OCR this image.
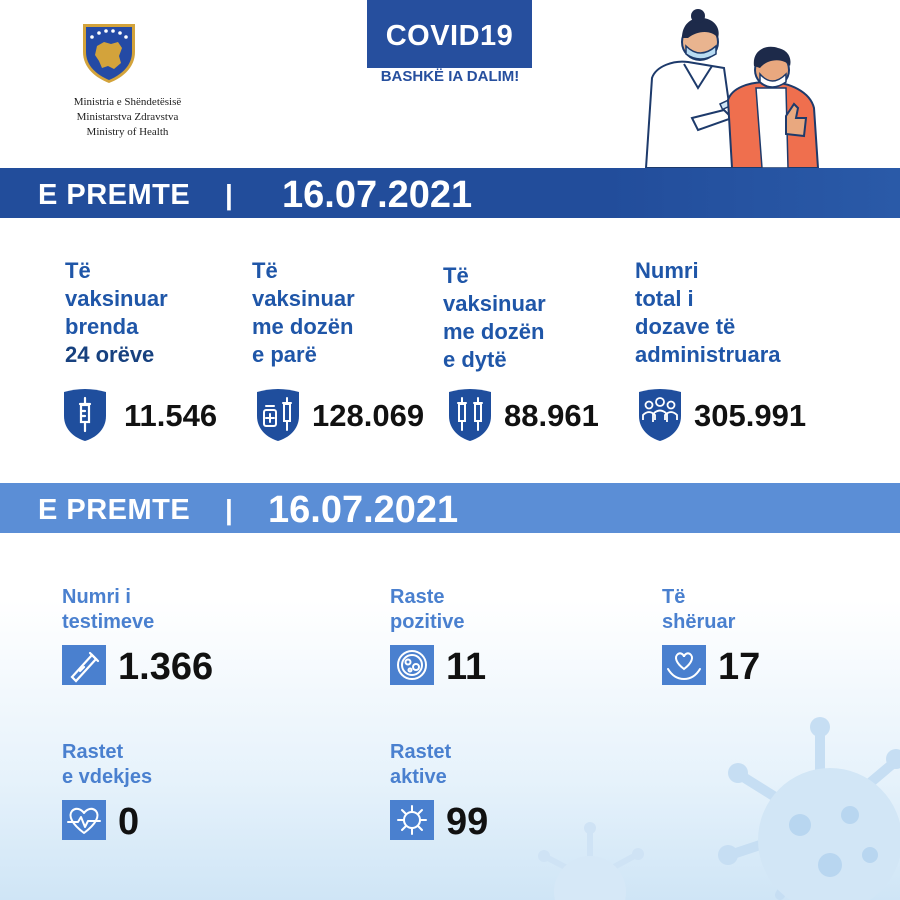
Ministria e Shëndetësisë
Ministarstva Zdravstva
Ministry of Health
COVID19
BASHKË IA DALIM!
E PREMTE | 16.07.2021
Të
vaksinuar
brenda
24 orëve
11.546
Të
vaksinuar
me dozën
e parë
128.069
Të
vaksinuar
me dozën
e dytë
88.961
Numri
total i
dozave të
administruara
305.991
E PREMTE | 16.07.2021
Numri i
testimeve
1.366
Raste
pozitive
11
Të
shëruar
17
Rastet
e vdekjes
0
Rastet
aktive
99
